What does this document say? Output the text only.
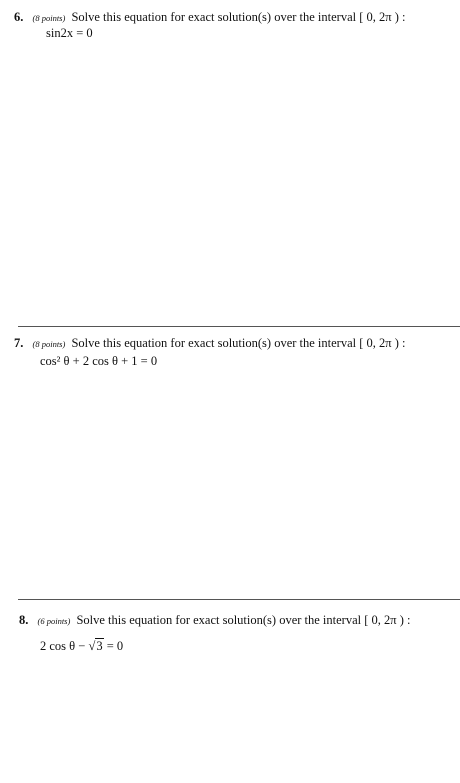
6. (8 points) Solve this equation for exact solution(s) over the interval [ 0, 2π ) :
sin2x = 0
7. (8 points) Solve this equation for exact solution(s) over the interval [ 0, 2π ) :
cos² θ + 2 cos θ + 1 = 0
8. (6 points) Solve this equation for exact solution(s) over the interval [ 0, 2π ) :
2 cos θ − √3 = 0
